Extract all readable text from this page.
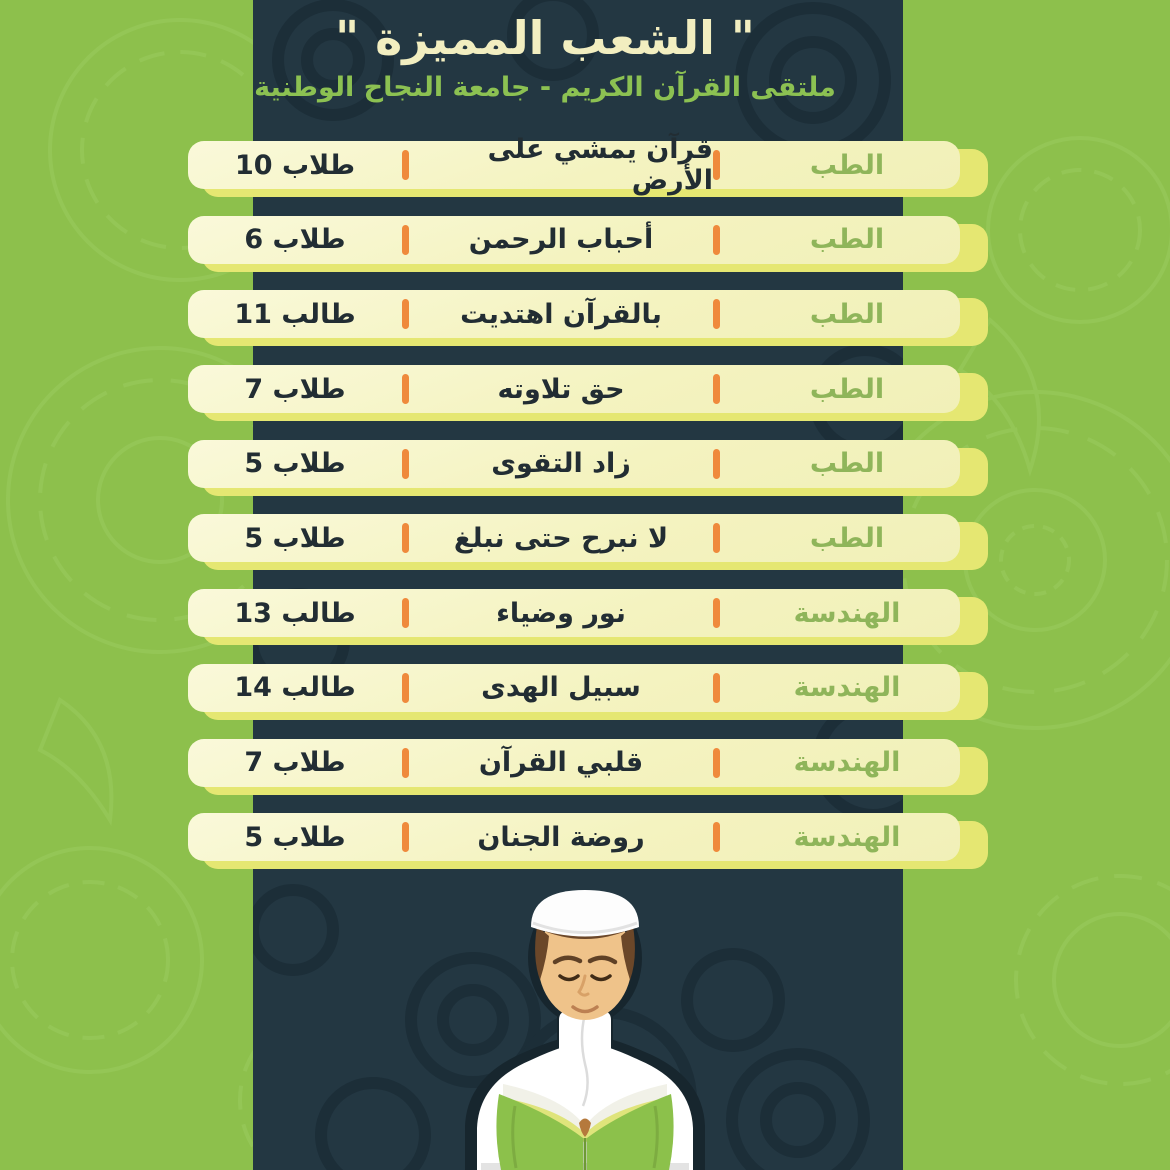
" الشعب المميزة "
ملتقى القرآن الكريم - جامعة النجاح الوطنية
الطب
قرآن يمشي على الأرض
10 طلاب
الطب
أحباب الرحمن
6 طلاب
الطب
بالقرآن اهتديت
11 طالب
الطب
حق تلاوته
7 طلاب
الطب
زاد التقوى
5 طلاب
الطب
لا نبرح حتى نبلغ
5 طلاب
الهندسة
نور وضياء
13 طالب
الهندسة
سبيل الهدى
14 طالب
الهندسة
قلبي القرآن
7 طلاب
الهندسة
روضة الجنان
5 طلاب
